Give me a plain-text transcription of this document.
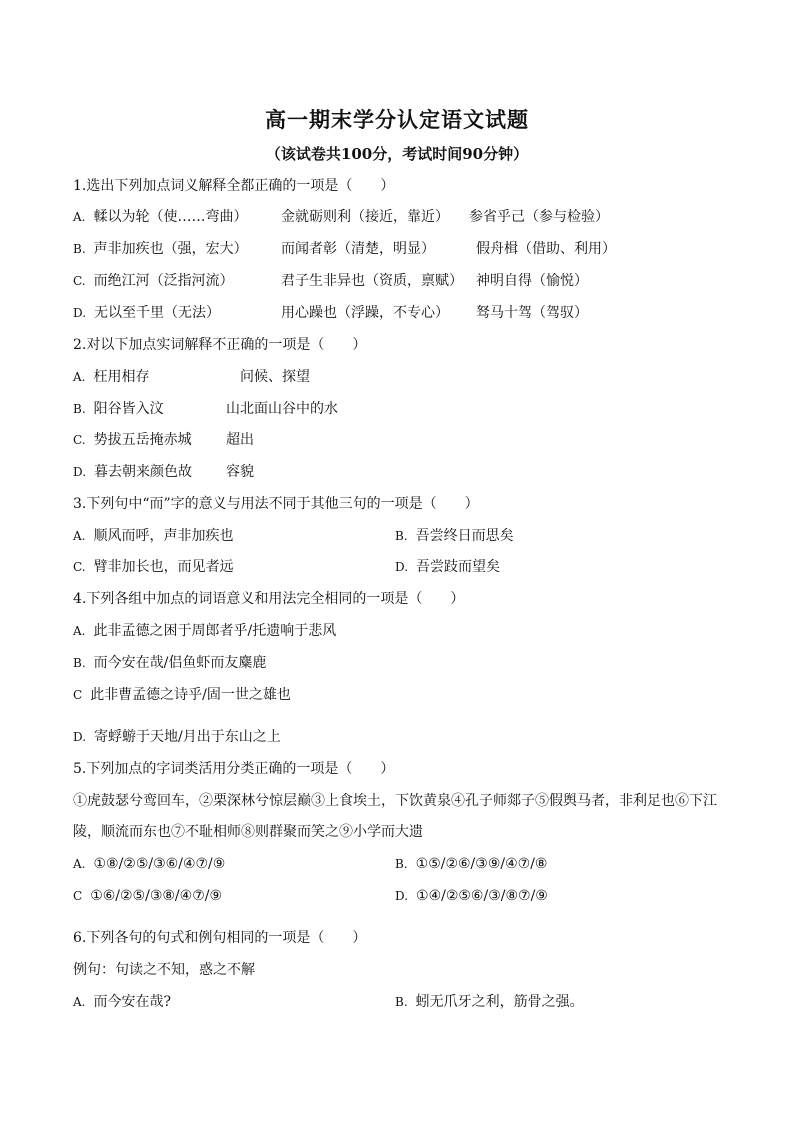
高一期末学分认定语文试题
（该试卷共100分，考试时间90分钟）
1.选出下列加点词义解释全都正确的一项是（　　）
A. 輮以为轮（使……弯曲） 金就砺则利（接近，靠近） 参省乎己（参与检验）
B. 声非加疾也（强，宏大） 而闻者彰（清楚，明显）	假舟楫（借助、利用）
C. 而绝江河（泛指河流）	君子生非异也（资质，禀赋） 神明自得（愉悦）
D. 无以至千里（无法）	用心躁也（浮躁，不专心） 驽马十驾（驾驭）
2.对以下加点实词解释不正确的一项是（　　）
A. 枉用相存	问候、探望
B. 阳谷皆入汶	山北面山谷中的水
C. 势拔五岳掩赤城 超出
D. 暮去朝来颜色故 容貌
3.下列句中“而”字的意义与用法不同于其他三句的一项是（　　）
A. 顺风而呼，声非加疾也	B. 吾尝终日而思矣
C. 臂非加长也，而见者远	D. 吾尝跂而望矣
4.下列各组中加点的词语意义和用法完全相同的一项是（　　）
A. 此非孟德之困于周郎者乎/托遗响于悲风
B. 而今安在哉/侣鱼虾而友麋鹿
C 此非曹孟德之诗乎/固一世之雄也
D. 寄蜉蝣于天地/月出于东山之上
5.下列加点的字词类活用分类正确的一项是（　　）
①虎鼓瑟兮鸾回车，②栗深林兮惊层巅③上食埃土，下饮黄泉④孔子师郯子⑤假舆马者，非利足也⑥下江
陵，顺流而东也⑦不耻相师⑧则群聚而笑之⑨小学而大遗
A. ①⑧/②⑤/③⑥/④⑦/⑨	B. ①⑤/②⑥/③⑨/④⑦/⑧
C ①⑥/②⑤/③⑧/④⑦/⑨	D. ①④/②⑤⑥/③/⑧⑦/⑨
6.下列各句的句式和例句相同的一项是（　　）
例句：句读之不知，惑之不解
A. 而今安在哉?	B. 蚓无爪牙之利，筋骨之强。
